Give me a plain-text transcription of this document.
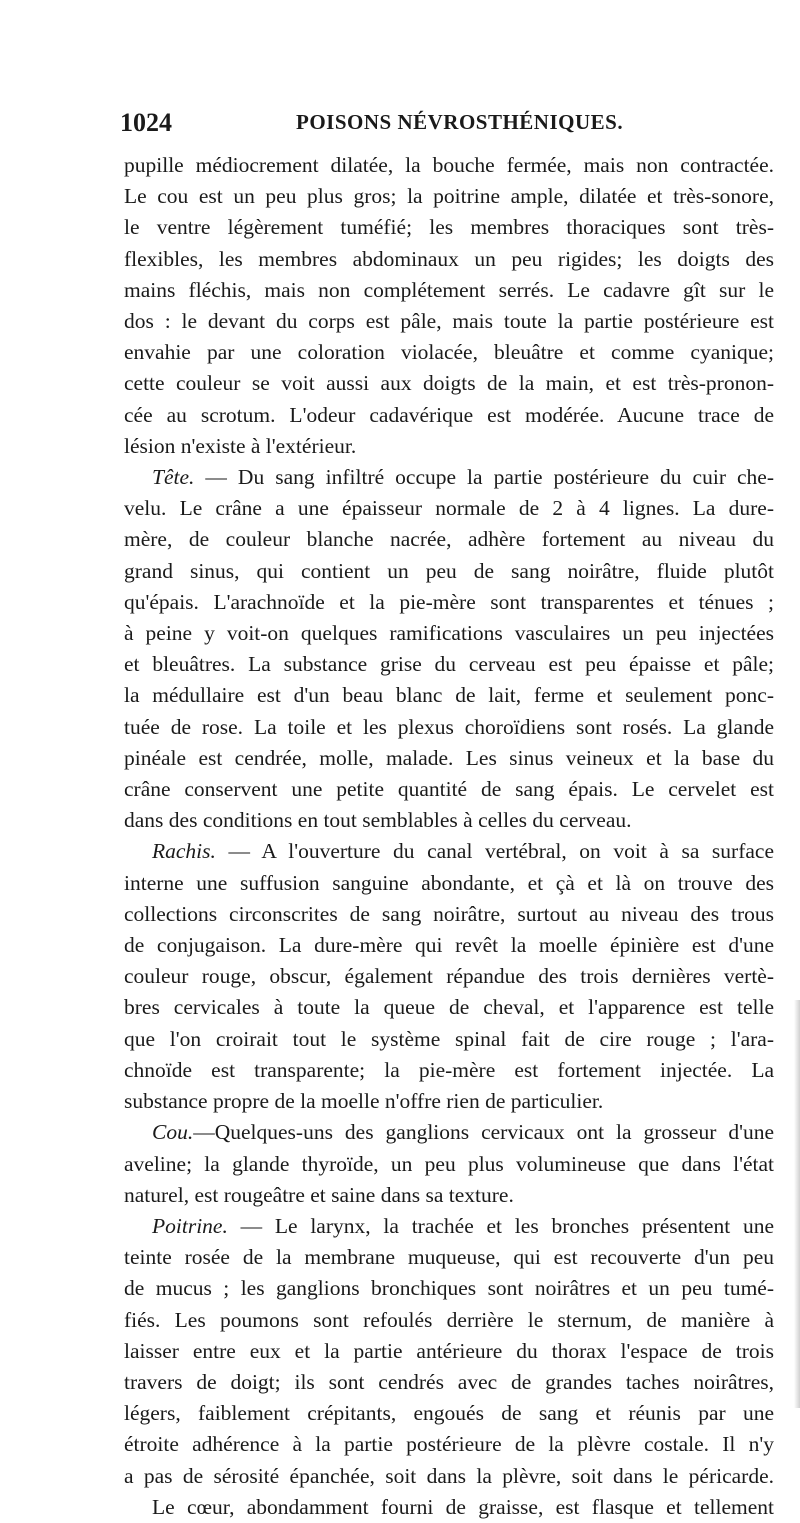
1024	POISONS NÉVROSTHÉNIQUES.
pupille médiocrement dilatée, la bouche fermée, mais non contractée.
Le cou est un peu plus gros; la poitrine ample, dilatée et très-sonore,
le ventre légèrement tuméfié; les membres thoraciques sont très-
flexibles, les membres abdominaux un peu rigides; les doigts des
mains fléchis, mais non complétement serrés. Le cadavre gît sur le
dos : le devant du corps est pâle, mais toute la partie postérieure est
envahie par une coloration violacée, bleuâtre et comme cyanique;
cette couleur se voit aussi aux doigts de la main, et est très-pronon-
cée au scrotum. L'odeur cadavérique est modérée. Aucune trace de
lésion n'existe à l'extérieur.
Tête. — Du sang infiltré occupe la partie postérieure du cuir che-
velu. Le crâne a une épaisseur normale de 2 à 4 lignes. La dure-
mère, de couleur blanche nacrée, adhère fortement au niveau du
grand sinus, qui contient un peu de sang noirâtre, fluide plutôt
qu'épais. L'arachnoïde et la pie-mère sont transparentes et ténues ;
à peine y voit-on quelques ramifications vasculaires un peu injectées
et bleuâtres. La substance grise du cerveau est peu épaisse et pâle;
la médullaire est d'un beau blanc de lait, ferme et seulement ponc-
tuée de rose. La toile et les plexus choroïdiens sont rosés. La glande
pinéale est cendrée, molle, malade. Les sinus veineux et la base du
crâne conservent une petite quantité de sang épais. Le cervelet est
dans des conditions en tout semblables à celles du cerveau.
Rachis. — A l'ouverture du canal vertébral, on voit à sa surface
interne une suffusion sanguine abondante, et çà et là on trouve des
collections circonscrites de sang noirâtre, surtout au niveau des trous
de conjugaison. La dure-mère qui revêt la moelle épinière est d'une
couleur rouge, obscur, également répandue des trois dernières vertè-
bres cervicales à toute la queue de cheval, et l'apparence est telle
que l'on croirait tout le système spinal fait de cire rouge ; l'ara-
chnoïde est transparente; la pie-mère est fortement injectée. La
substance propre de la moelle n'offre rien de particulier.
Cou.—Quelques-uns des ganglions cervicaux ont la grosseur d'une
aveline; la glande thyroïde, un peu plus volumineuse que dans l'état
naturel, est rougeâtre et saine dans sa texture.
Poitrine. — Le larynx, la trachée et les bronches présentent une
teinte rosée de la membrane muqueuse, qui est recouverte d'un peu
de mucus ; les ganglions bronchiques sont noirâtres et un peu tumé-
fiés. Les poumons sont refoulés derrière le sternum, de manière à
laisser entre eux et la partie antérieure du thorax l'espace de trois
travers de doigt; ils sont cendrés avec de grandes taches noirâtres,
légers, faiblement crépitants, engoués de sang et réunis par une
étroite adhérence à la partie postérieure de la plèvre costale. Il n'y
a pas de sérosité épanchée, soit dans la plèvre, soit dans le péricarde.
Le cœur, abondamment fourni de graisse, est flasque et tellement
